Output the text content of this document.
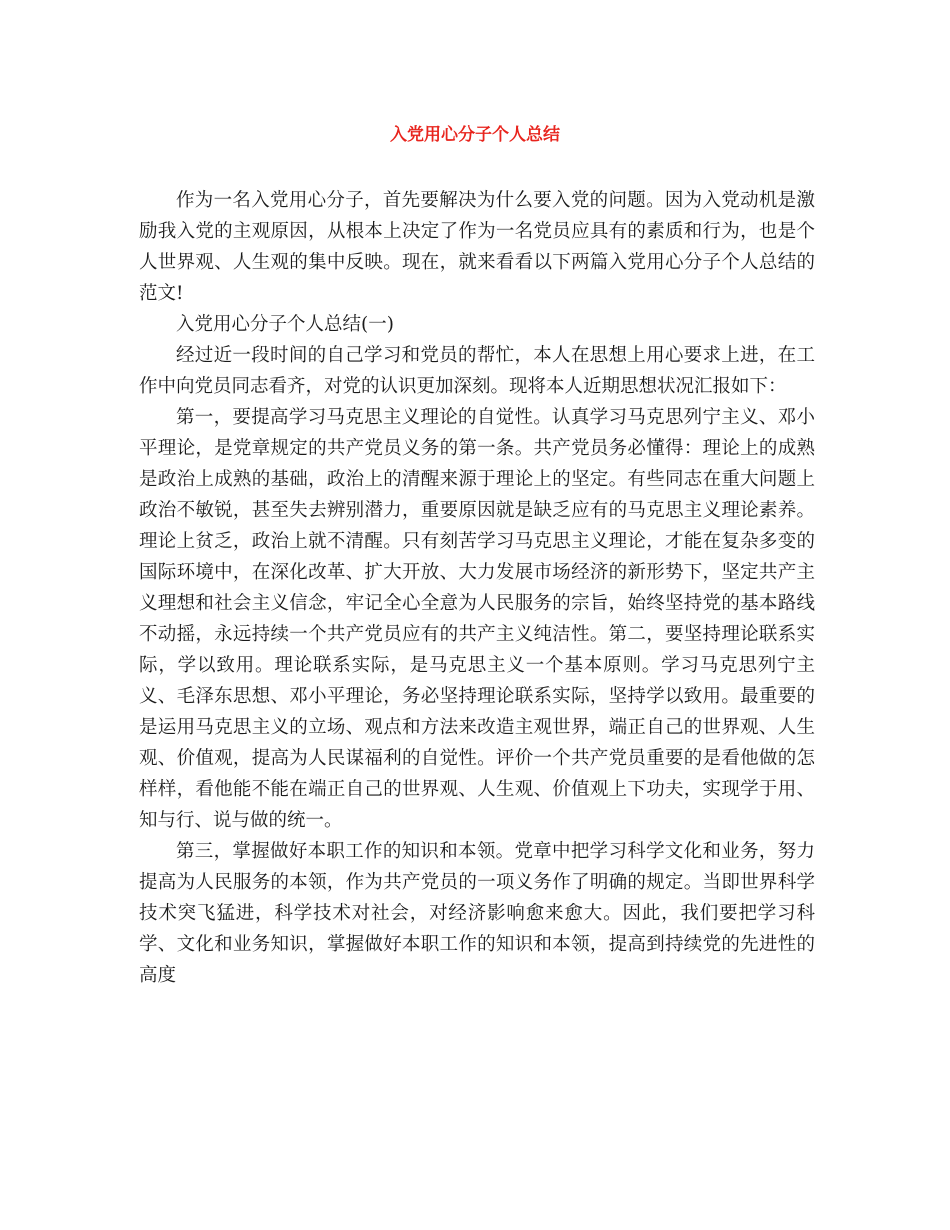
入党用心分子个人总结

作为一名入党用心分子，首先要解决为什么要入党的问题。因为入党动机是激励我入党的主观原因，从根本上决定了作为一名党员应具有的素质和行为，也是个人世界观、人生观的集中反映。现在，就来看看以下两篇入党用心分子个人总结的范文!

入党用心分子个人总结(一)

经过近一段时间的自己学习和党员的帮忙，本人在思想上用心要求上进，在工作中向党员同志看齐，对党的认识更加深刻。现将本人近期思想状况汇报如下：

第一，要提高学习马克思主义理论的自觉性。认真学习马克思列宁主义、邓小平理论，是党章规定的共产党员义务的第一条。共产党员务必懂得：理论上的成熟是政治上成熟的基础，政治上的清醒来源于理论上的坚定。有些同志在重大问题上政治不敏锐，甚至失去辨别潜力，重要原因就是缺乏应有的马克思主义理论素养。理论上贫乏，政治上就不清醒。只有刻苦学习马克思主义理论，才能在复杂多变的国际环境中，在深化改革、扩大开放、大力发展市场经济的新形势下，坚定共产主义理想和社会主义信念，牢记全心全意为人民服务的宗旨，始终坚持党的基本路线不动摇，永远持续一个共产党员应有的共产主义纯洁性。第二，要坚持理论联系实际，学以致用。理论联系实际，是马克思主义一个基本原则。学习马克思列宁主义、毛泽东思想、邓小平理论，务必坚持理论联系实际，坚持学以致用。最重要的是运用马克思主义的立场、观点和方法来改造主观世界，端正自己的世界观、人生观、价值观，提高为人民谋福利的自觉性。评价一个共产党员重要的是看他做的怎样样，看他能不能在端正自己的世界观、人生观、价值观上下功夫，实现学于用、知与行、说与做的统一。

第三，掌握做好本职工作的知识和本领。党章中把学习科学文化和业务，努力提高为人民服务的本领，作为共产党员的一项义务作了明确的规定。当即世界科学技术突飞猛进，科学技术对社会，对经济影响愈来愈大。因此，我们要把学习科学、文化和业务知识，掌握做好本职工作的知识和本领，提高到持续党的先进性的高度
